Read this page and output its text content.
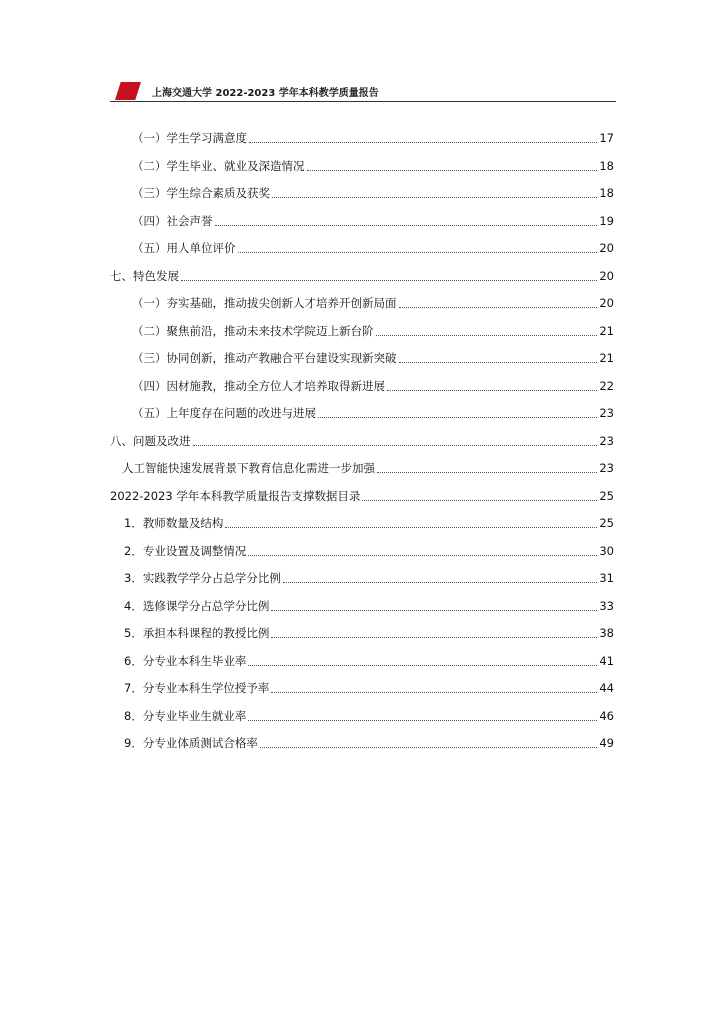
上海交通大学 2022-2023 学年本科教学质量报告
（一）学生学习满意度	17
（二）学生毕业、就业及深造情况	18
（三）学生综合素质及获奖	18
（四）社会声誉	19
（五）用人单位评价	20
七、特色发展	20
（一）夯实基础，推动拔尖创新人才培养开创新局面	20
（二）聚焦前沿，推动未来技术学院迈上新台阶	21
（三）协同创新，推动产教融合平台建设实现新突破	21
（四）因材施教，推动全方位人才培养取得新进展	22
（五）上年度存在问题的改进与进展	23
八、问题及改进	23
人工智能快速发展背景下教育信息化需进一步加强	23
2022-2023 学年本科教学质量报告支撑数据目录	25
1．教师数量及结构	25
2．专业设置及调整情况	30
3．实践教学学分占总学分比例	31
4．选修课学分占总学分比例	33
5．承担本科课程的教授比例	38
6．分专业本科生毕业率	41
7．分专业本科生学位授予率	44
8．分专业毕业生就业率	46
9．分专业体质测试合格率	49
